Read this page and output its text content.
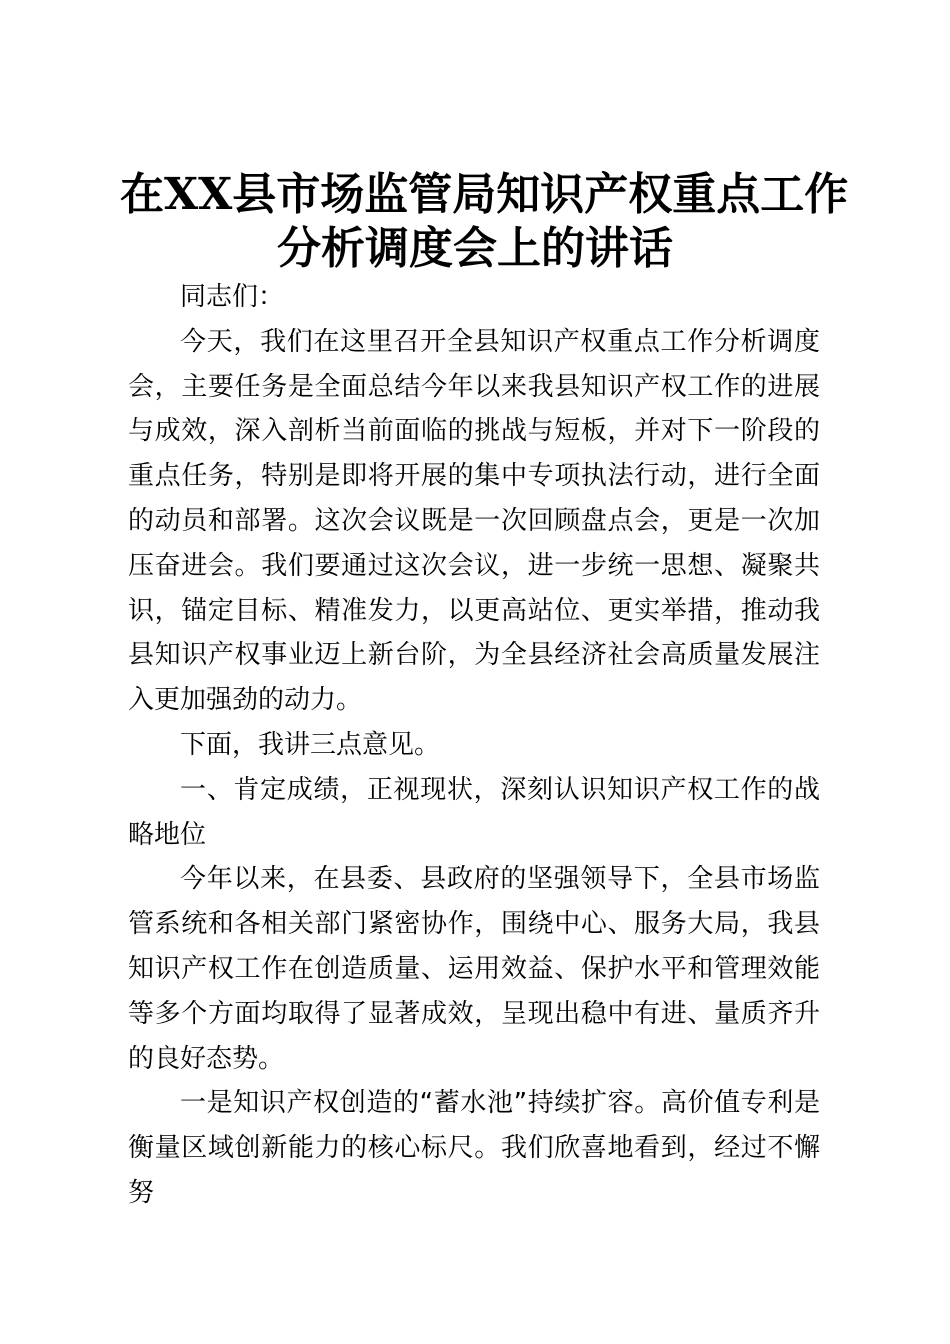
在XX县市场监管局知识产权重点工作
分析调度会上的讲话

同志们：

今天，我们在这里召开全县知识产权重点工作分析调度会，主要任务是全面总结今年以来我县知识产权工作的进展与成效，深入剖析当前面临的挑战与短板，并对下一阶段的重点任务，特别是即将开展的集中专项执法行动，进行全面的动员和部署。这次会议既是一次回顾盘点会，更是一次加压奋进会。我们要通过这次会议，进一步统一思想、凝聚共识，锚定目标、精准发力，以更高站位、更实举措，推动我县知识产权事业迈上新台阶，为全县经济社会高质量发展注入更加强劲的动力。

下面，我讲三点意见。

一、肯定成绩，正视现状，深刻认识知识产权工作的战略地位

今年以来，在县委、县政府的坚强领导下，全县市场监管系统和各相关部门紧密协作，围绕中心、服务大局，我县知识产权工作在创造质量、运用效益、保护水平和管理效能等多个方面均取得了显著成效，呈现出稳中有进、量质齐升的良好态势。

一是知识产权创造的“蓄水池”持续扩容。高价值专利是衡量区域创新能力的核心标尺。我们欣喜地看到，经过不懈努
